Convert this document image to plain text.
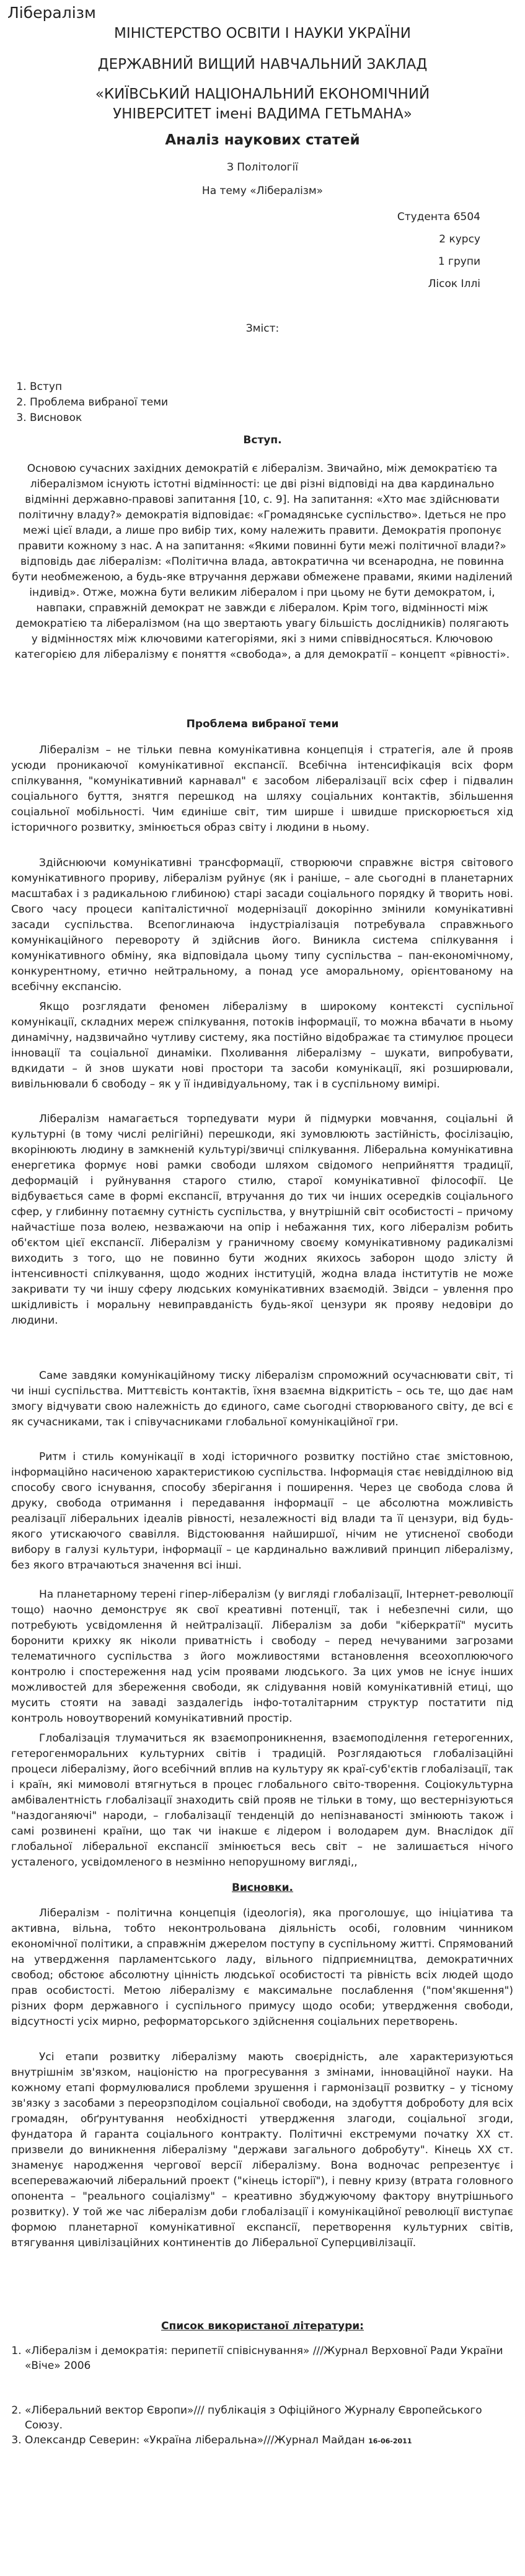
Лібералізм
МІНІСТЕРСТВО ОСВІТИ І НАУКИ УКРАЇНИ
ДЕРЖАВНИЙ ВИЩИЙ НАВЧАЛЬНИЙ ЗАКЛАД
«КИЇВСЬКИЙ НАЦІОНАЛЬНИЙ ЕКОНОМІЧНИЙ
УНІВЕРСИТЕТ імені ВАДИМА ГЕТЬМАНА»
Аналіз наукових статей
З Політології
На тему «Лібералізм»
Студента 6504
2 курсу
1 групи
Лісок Іллі
Зміст:
1. Вступ
2. Проблема вибраної теми
3. Висновок
Вступ.

Основою сучасних західних демократій є лібералізм. Звичайно, між демократією та лібералізмом існують істотні відмінності: це дві різні відповіді на два кардинально відмінні державно-правові запитання [10, с. 9]. На запитання: «Хто має здійснювати політичну владу?» демократія відповідає: «Громадянське суспільство». Ідеться не про межі цієї влади, а лише про вибір тих, кому належить правити. Демократія пропонує правити кожному з нас. А на запитання: «Якими повинні бути межі політичної влади?» відповідь дає лібералізм: «Політична влада, автократична чи всенародна, не повинна бути необмеженою, а будь-яке втручання держави обмежене правами, якими наділений індивід». Отже, можна бути великим лібералом і при цьому не бути демократом, і, навпаки, справжній демократ не завжди є лібералом. Крім того, відмінності між демократією та лібералізмом (на що звертають увагу більшість дослідників) полягають у відмінностях між ключовими категоріями, які з ними співвідносяться. Ключовою категорією для лібералізму є поняття «свобода», а для демократії – концепт «рівності».

Проблема вибраної теми

Лібералізм – не тільки певна комунікативна концепція і стратегія, але й прояв усюди проникаючої комунікативної експансії. Всебічна інтенсифікація всіх форм спілкування, "комунікативний карнавал" є засобом лібералізації всіх сфер і підвалин соціального буття, знятгя перешкод на шляху соціальних контактів, збільшення соціальної мобільності. Чим єдиніше світ, тим ширше і швидше прискорюється хід історичного розвитку, змінюється образ світу і людини в ньому.

Здійснюючи комунікативні трансформації, створюючи справжнє вістря світового комунікативного прориву, лібералізм руйнує (як і раніше, – але сьогодні в планетарних масштабах і з радикальною глибиною) старі засади соціального порядку й творить нові. Свого часу процеси капіталістичної модернізації докорінно змінили комунікативні засади суспільства. Всепоглинаюча індустріалізація потребувала справжнього комунікаційного перевороту й здійснив його. Виникла система спілкування і комунікативного обміну, яка відповідала цьому типу суспільства – пан-економічному, конкурентному, етично нейтральному, а понад усе аморальному, орієнтованому на всебічну експансію.

Якщо розглядати феномен лібералізму в широкому контексті суспільної комунікації, складних мереж спілкування, потоків інформації, то можна вбачати в ньому динамічну, надзвичайно чутливу систему, яка постійно відображає та стимулює процеси інновації та соціальної динаміки. Пхоливання лібералізму – шукати, випробувати, вдкидати – й знов шукати нові простори та засоби комунікації, які розширювали, вивільнювали б свободу – як у її індивідуальному, так і в суспільному вимірі.

Лібералізм намагається торпедувати мури й підмурки мовчання, соціальні й культурні (в тому числі релігійні) перешкоди, які зумовлюють застійність, фосілізацію, вкорінюють людину в замкненій культурі/звичці спілкування. Ліберальна комунікативна енергетика формує нові рамки свободи шляхом свідомого неприйняття традиції, деформацій і руйнування старого стилю, старої комунікативної філософії. Це відбувається саме в формі експансії, втручання до тих чи інших осередків соціального сфер, у глибинну потаємну сутність суспільства, у внутрішній світ особистості – причому найчастіше поза волею, незважаючи на опір і небажання тих, кого лібералізм робить об'єктом цієї експансії. Лібералізм у граничному своєму комунікативному радикалізмі виходить з того, що не повинно бути жодних якихось заборон щодо злісту й інтенсивності спілкування, щодо жодних інституцій, жодна влада інститутів не може закривати ту чи іншу сферу людських комунікативних взаємодій. Звідси – увлення про шкідливість і моральну невиправданість будь-якої цензури як прояву недовіри до людини.

Саме завдяки комунікаційному тиску лібералізм спроможний осучаснювати світ, ті чи інші суспільства. Миттєвість контактів, їхня взаємна відкритість – ось те, що дає нам змогу відчувати свою належність до єдиного, саме сьогодні створюваного світу, де всі є як сучасниками, так і співучасниками глобальної комунікаційної гри.

Ритм і стиль комунікації в ході історичного розвитку постійно стає змістовною, інформаційно насиченою характеристикою суспільства. Інформація стає невідділною від способу свого існування, способу зберігання і поширення. Через це свобода слова й друку, свобода отримання і передавання інформації – це абсолютна можливість реалізації ліберальних ідеалів рівності, незалежності від влади та її цензури, від будь-якого утискаючого свавілля. Відстоювання найширшої, нічим не утисненої свободи вибору в галузі культури, інформації – це кардинально важливий принцип лібералізму, без якого втрачаються значення всі інші.

На планетарному терені гіпер-лібералізм (у вигляді глобалізації, Інтернет-революції тощо) наочно демонструє як свої креативні потенції, так і небезпечні сили, що потребують усвідомлення й нейтралізації. Лібералізм за доби "кіберкратії" мусить боронити крихку як ніколи приватність і свободу – перед нечуваними загрозами телематичного суспільства з його можливостями встановлення всеохоплюючого контролю і спостереження над усім проявами людського. За цих умов не існує інших можливостей для збереження свободи, як слідування новій комунікативній етиці, що мусить стояти на заваді заздалегідь інфо-тоталітарним структур постатити під контроль новоутворений комунікативний простір.

Глобалізація тлумачиться як взаємопроникнення, взаємоподілення гетерогенних, гетерогенморальних культурних світів і традицій. Розглядаються глобалізаційні процеси лібералізму, його всебічний вплив на культуру як краї-суб'єктів глобалізації, так і країн, які мимоволі втягнуться в процес глобального світо-творення. Соціокультурна амбівалентність глобалізації знаходить свій прояв не тільки в тому, що вестернізуються "наздоганяючі" народи, – глобалізації тенденцій до непізнаваності змінюють також і самі розвинені країни, що так чи інакше є лідером і володарем дум. Внаслідок дії глобальної ліберальної експансії змінюється весь світ – не залишається нічого усталеного, усвідомленого в незмінно непорушному вигляді,,

Висновки.

Лібералізм - політична концепція (ідеологія), яка проголошує, що ініціатива та активна, вільна, тобто неконтрольована діяльність особі, головним чинником економічної політики, а справжнім джерелом поступу в суспільному житті. Спрямований на утвердження парламентського ладу, вільного підприємництва, демократичних свобод; обстоює абсолютну цінність людської особистості та рівність всіх людей щодо прав особистості. Метою лібералізму є максимальне послаблення ("пом'якшення") різних форм державного і суспільного примусу щодо особи; утвердження свободи, відсутності усіх мирно, реформаторського здійснення соціальних перетворень.

Усі етапи розвитку лібералізму мають своєрідність, але характеризуються внутрішнім зв'язком, націоністю на прогресування з змінами, інноваційної науки. На кожному етапі формулювалися проблеми зрушення і гармонізації розвитку – у тісному зв'язку з засобами з переорзподілом соціальної свободи, на здобуття доброботу для всіх громадян, обґрунтування необхідності утвердження злагоди, соціальної згоди, фундатора й гаранта соціального контракту. Політичні екстремуми початку XX ст. призвели до виникнення лібералізму "держави загального добробуту". Кінець XX ст. знаменує народження чергової версії лібералізму. Вона водночас репрезентує і всепереважаючий ліберальний проект ("кінець історії"), і певну кризу (втрата головного опонента – "реального соціалізму" – креативно збуджуючому фактору внутрішнього розвитку). У той же час лібералізм доби глобалізації і комунікаційної революції виступає формою планетарної комунікативної експансії, перетворення культурних світів, втягування цивілізаційних континентів до Ліберальної Суперцивілізації.

Список використаної літератури:
1. «Лібералізм і демократія: перипетії співіснування» ///Журнал Верховної Ради України «Віче» 2006
2. «Ліберальний вектор Європи»/// публікація з Офіційного Журналу Європейського Союзу.
3. Олександр Северин: «Україна ліберальна»///Журнал Майдан 16-06-2011
